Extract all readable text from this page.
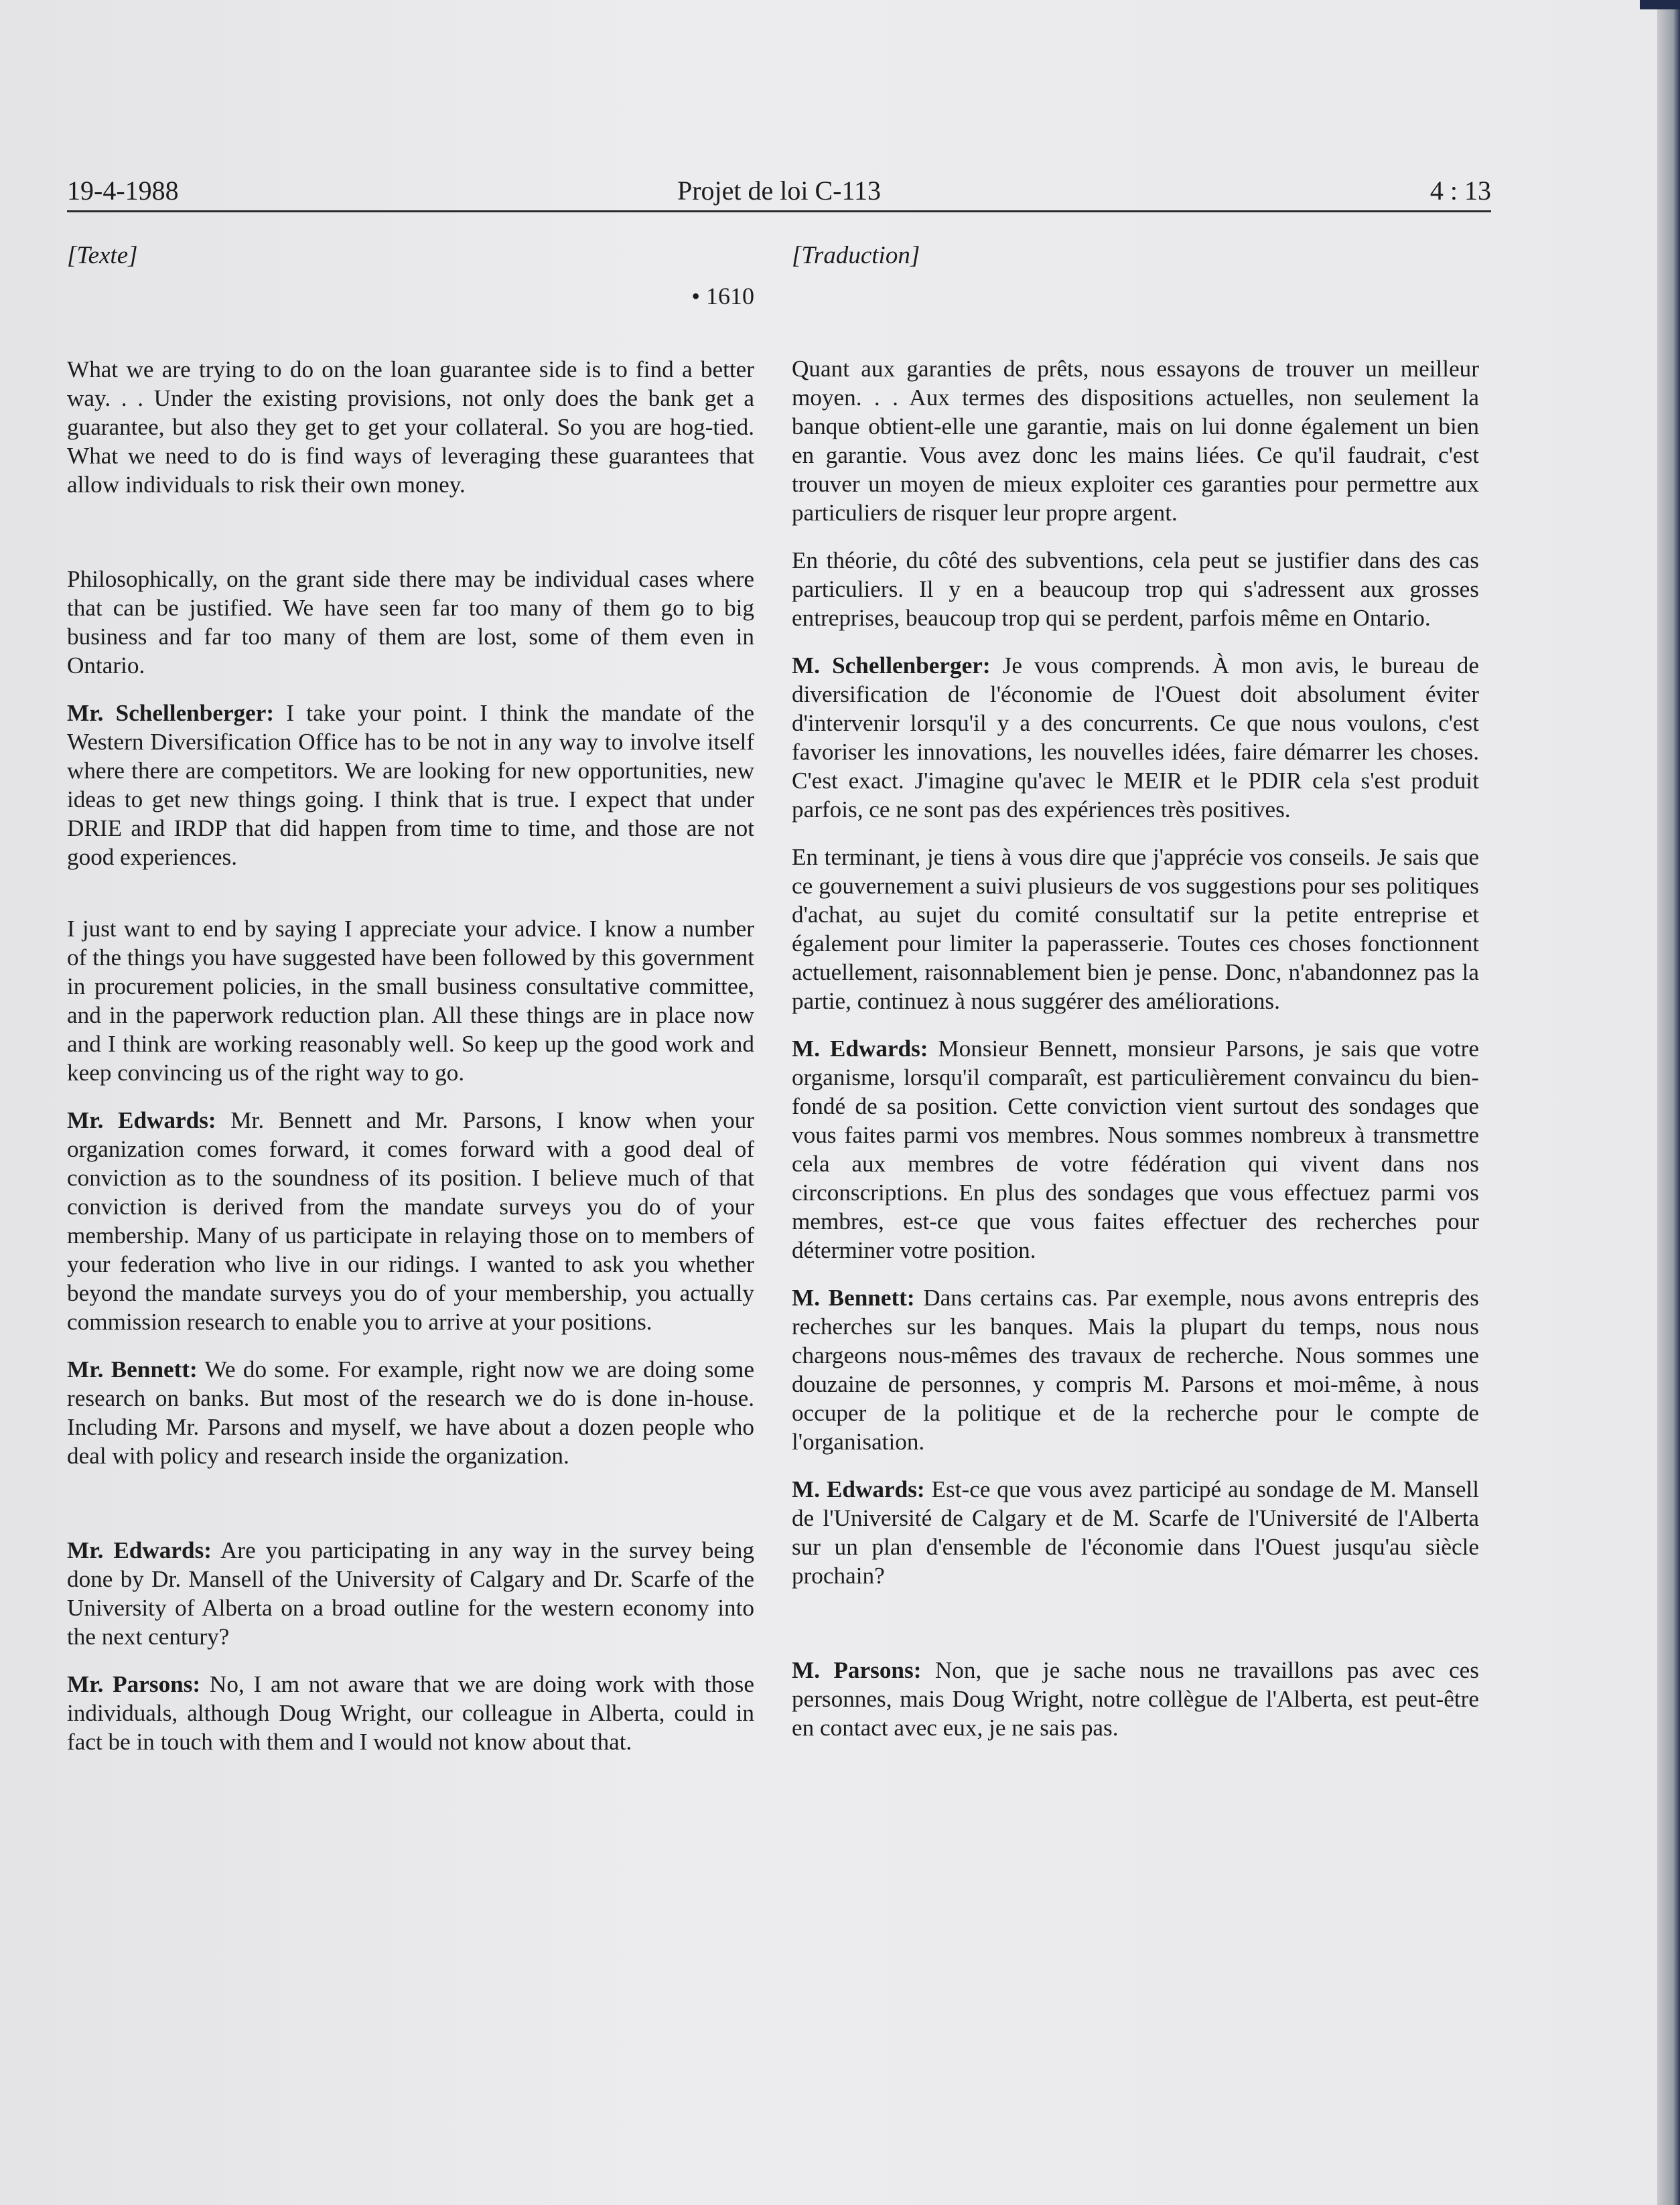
19-4-1988	Projet de loi C-113	4 : 13
[Texte]
• 1610

What we are trying to do on the loan guarantee side is to find a better way. . . Under the existing provisions, not only does the bank get a guarantee, but also they get to get your collateral. So you are hog-tied. What we need to do is find ways of leveraging these guarantees that allow individuals to risk their own money.

Philosophically, on the grant side there may be individual cases where that can be justified. We have seen far too many of them go to big business and far too many of them are lost, some of them even in Ontario.

Mr. Schellenberger: I take your point. I think the mandate of the Western Diversification Office has to be not in any way to involve itself where there are competitors. We are looking for new opportunities, new ideas to get new things going. I think that is true. I expect that under DRIE and IRDP that did happen from time to time, and those are not good experiences.

I just want to end by saying I appreciate your advice. I know a number of the things you have suggested have been followed by this government in procurement policies, in the small business consultative committee, and in the paperwork reduction plan. All these things are in place now and I think are working reasonably well. So keep up the good work and keep convincing us of the right way to go.

Mr. Edwards: Mr. Bennett and Mr. Parsons, I know when your organization comes forward, it comes forward with a good deal of conviction as to the soundness of its position. I believe much of that conviction is derived from the mandate surveys you do of your membership. Many of us participate in relaying those on to members of your federation who live in our ridings. I wanted to ask you whether beyond the mandate surveys you do of your membership, you actually commission research to enable you to arrive at your positions.

Mr. Bennett: We do some. For example, right now we are doing some research on banks. But most of the research we do is done in-house. Including Mr. Parsons and myself, we have about a dozen people who deal with policy and research inside the organization.

Mr. Edwards: Are you participating in any way in the survey being done by Dr. Mansell of the University of Calgary and Dr. Scarfe of the University of Alberta on a broad outline for the western economy into the next century?

Mr. Parsons: No, I am not aware that we are doing work with those individuals, although Doug Wright, our colleague in Alberta, could in fact be in touch with them and I would not know about that.

[Traduction]

Quant aux garanties de prêts, nous essayons de trouver un meilleur moyen. . . Aux termes des dispositions actuelles, non seulement la banque obtient-elle une garantie, mais on lui donne également un bien en garantie. Vous avez donc les mains liées. Ce qu'il faudrait, c'est trouver un moyen de mieux exploiter ces garanties pour permettre aux particuliers de risquer leur propre argent.

En théorie, du côté des subventions, cela peut se justifier dans des cas particuliers. Il y en a beaucoup trop qui s'adressent aux grosses entreprises, beaucoup trop qui se perdent, parfois même en Ontario.

M. Schellenberger: Je vous comprends. À mon avis, le bureau de diversification de l'économie de l'Ouest doit absolument éviter d'intervenir lorsqu'il y a des concurrents. Ce que nous voulons, c'est favoriser les innovations, les nouvelles idées, faire démarrer les choses. C'est exact. J'imagine qu'avec le MEIR et le PDIR cela s'est produit parfois, ce ne sont pas des expériences très positives.

En terminant, je tiens à vous dire que j'apprécie vos conseils. Je sais que ce gouvernement a suivi plusieurs de vos suggestions pour ses politiques d'achat, au sujet du comité consultatif sur la petite entreprise et également pour limiter la paperasserie. Toutes ces choses fonctionnent actuellement, raisonnablement bien je pense. Donc, n'abandonnez pas la partie, continuez à nous suggérer des améliorations.

M. Edwards: Monsieur Bennett, monsieur Parsons, je sais que votre organisme, lorsqu'il comparaît, est particulièrement convaincu du bien-fondé de sa position. Cette conviction vient surtout des sondages que vous faites parmi vos membres. Nous sommes nombreux à transmettre cela aux membres de votre fédération qui vivent dans nos circonscriptions. En plus des sondages que vous effectuez parmi vos membres, est-ce que vous faites effectuer des recherches pour déterminer votre position.

M. Bennett: Dans certains cas. Par exemple, nous avons entrepris des recherches sur les banques. Mais la plupart du temps, nous nous chargeons nous-mêmes des travaux de recherche. Nous sommes une douzaine de personnes, y compris M. Parsons et moi-même, à nous occuper de la politique et de la recherche pour le compte de l'organisation.

M. Edwards: Est-ce que vous avez participé au sondage de M. Mansell de l'Université de Calgary et de M. Scarfe de l'Université de l'Alberta sur un plan d'ensemble de l'économie dans l'Ouest jusqu'au siècle prochain?

M. Parsons: Non, que je sache nous ne travaillons pas avec ces personnes, mais Doug Wright, notre collègue de l'Alberta, est peut-être en contact avec eux, je ne sais pas.
